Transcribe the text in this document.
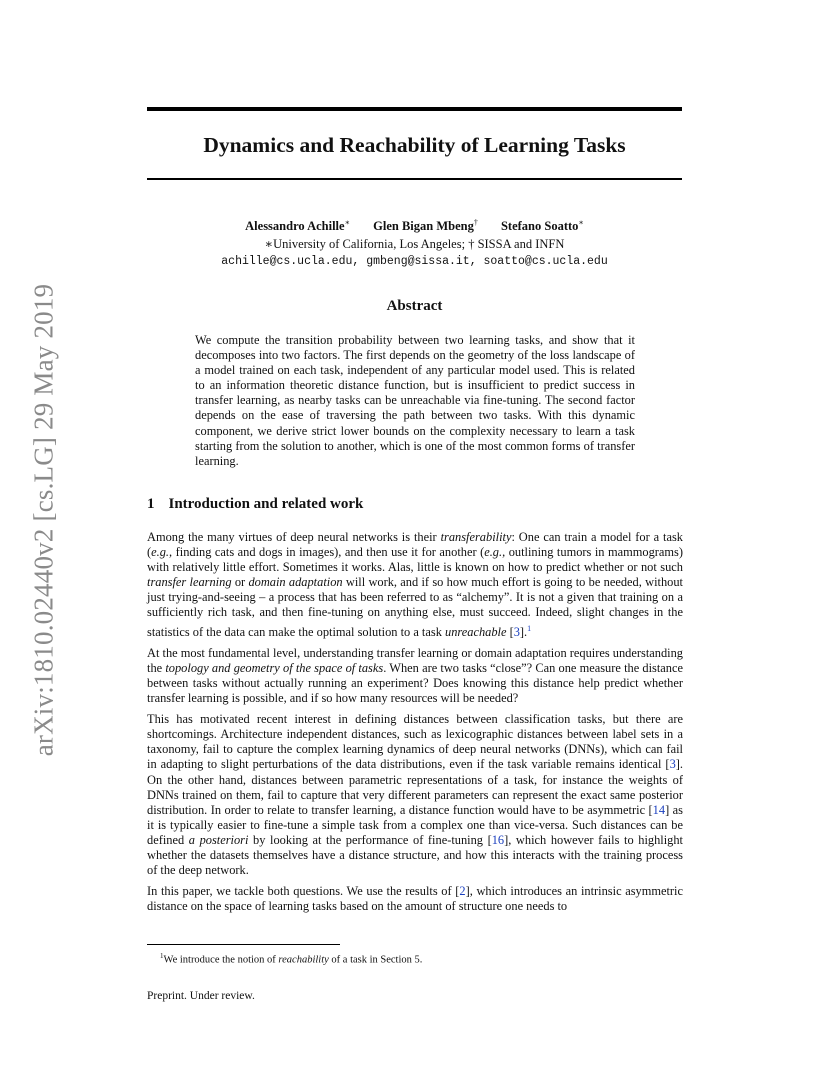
arXiv:1810.02440v2 [cs.LG] 29 May 2019
Dynamics and Reachability of Learning Tasks
Alessandro Achille∗ Glen Bigan Mbeng† Stefano Soatto∗
∗University of California, Los Angeles; † SISSA and INFN
achille@cs.ucla.edu, gmbeng@sissa.it, soatto@cs.ucla.edu
Abstract
We compute the transition probability between two learning tasks, and show that it decomposes into two factors. The first depends on the geometry of the loss landscape of a model trained on each task, independent of any particular model used. This is related to an information theoretic distance function, but is insufficient to predict success in transfer learning, as nearby tasks can be unreachable via fine-tuning. The second factor depends on the ease of traversing the path between two tasks. With this dynamic component, we derive strict lower bounds on the complexity necessary to learn a task starting from the solution to another, which is one of the most common forms of transfer learning.
1 Introduction and related work

Among the many virtues of deep neural networks is their transferability: One can train a model for a task (e.g., finding cats and dogs in images), and then use it for another (e.g., outlining tumors in mammograms) with relatively little effort. Sometimes it works. Alas, little is known on how to predict whether or not such transfer learning or domain adaptation will work, and if so how much effort is going to be needed, without just trying-and-seeing – a process that has been referred to as “alchemy”. It is not a given that training on a sufficiently rich task, and then fine-tuning on anything else, must succeed. Indeed, slight changes in the statistics of the data can make the optimal solution to a task unreachable [3].$^1$

At the most fundamental level, understanding transfer learning or domain adaptation requires understanding the topology and geometry of the space of tasks. When are two tasks “close”? Can one measure the distance between tasks without actually running an experiment? Does knowing this distance help predict whether transfer learning is possible, and if so how many resources will be needed?

This has motivated recent interest in defining distances between classification tasks, but there are shortcomings. Architecture independent distances, such as lexicographic distances between label sets in a taxonomy, fail to capture the complex learning dynamics of deep neural networks (DNNs), which can fail in adapting to slight perturbations of the data distributions, even if the task variable remains identical [3]. On the other hand, distances between parametric representations of a task, for instance the weights of DNNs trained on them, fail to capture that very different parameters can represent the exact same posterior distribution. In order to relate to transfer learning, a distance function would have to be asymmetric [14] as it is typically easier to fine-tune a simple task from a complex one than vice-versa. Such distances can be defined a posteriori by looking at the performance of fine-tuning [16], which however fails to highlight whether the datasets themselves have a distance structure, and how this interacts with the training process of the deep network.

In this paper, we tackle both questions. We use the results of [2], which introduces an intrinsic asymmetric distance on the space of learning tasks based on the amount of structure one needs to

$^1$We introduce the notion of reachability of a task in Section 5.
Preprint. Under review.
